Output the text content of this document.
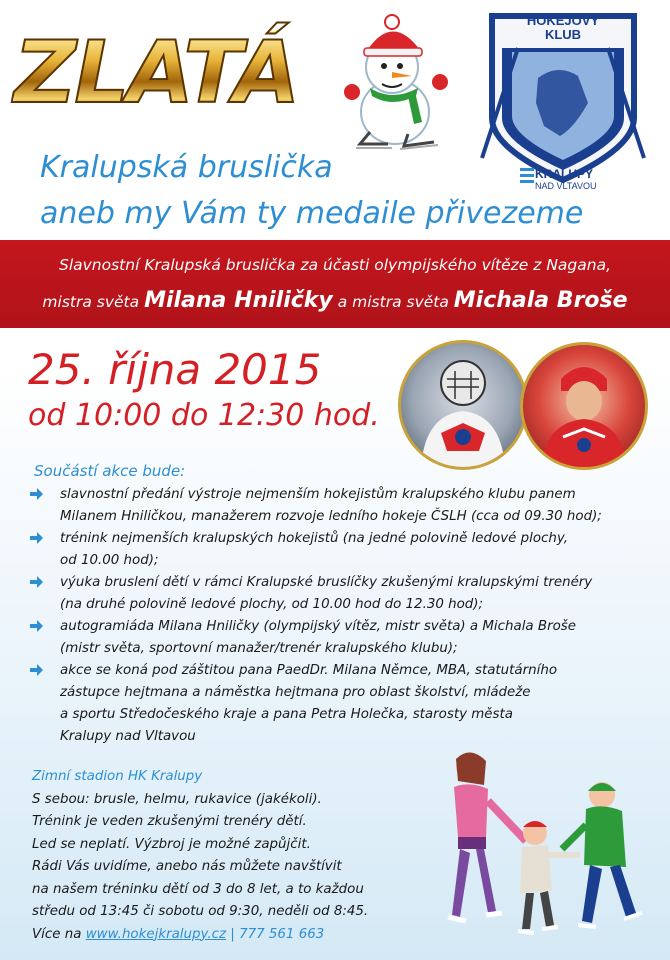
ZLATÁ
HOKEJOVÝ
KLUB
KRALUPY
NAD VLTAVOU
Kralupská bruslička
aneb my Vám ty medaile přivezeme
Slavnostní Kralupská bruslička za účasti olympijského vítěze z Nagana,
mistra světa Milana Hniličky a mistra světa Michala Broše
25. října 2015
od 10:00 do 12:30 hod.
Součástí akce bude:
slavnostní předání výstroje nejmenším hokejistům kralupského klubu panem
Milanem Hniličkou, manažerem rozvoje ledního hokeje ČSLH (cca od 09.30 hod);
trénink nejmenších kralupských hokejistů (na jedné polovině ledové plochy,
od 10.00 hod);
výuka bruslení dětí v rámci Kralupské bruslíčky zkušenými kralupskými trenéry
(na druhé polovině ledové plochy, od 10.00 hod do 12.30 hod);
autogramiáda Milana Hniličky (olympijský vítěz, mistr světa) a Michala Broše
(mistr světa, sportovní manažer/trenér kralupského klubu);
akce se koná pod záštitou pana PaedDr. Milana Němce, MBA, statutárního
zástupce hejtmana a náměstka hejtmana pro oblast školství, mládeže
a sportu Středočeského kraje a pana Petra Holečka, starosty města
Kralupy nad Vltavou
Zimní stadion HK Kralupy
S sebou: brusle, helmu, rukavice (jakékoli).
Trénink je veden zkušenými trenéry dětí.
Led se neplatí. Výzbroj je možné zapůjčit.
Rádi Vás uvidíme, anebo nás můžete navštívit
na našem tréninku dětí od 3 do 8 let, a to každou
středu od 13:45 či sobotu od 9:30, neděli od 8:45.
Více na www.hokejkralupy.cz | 777 561 663
